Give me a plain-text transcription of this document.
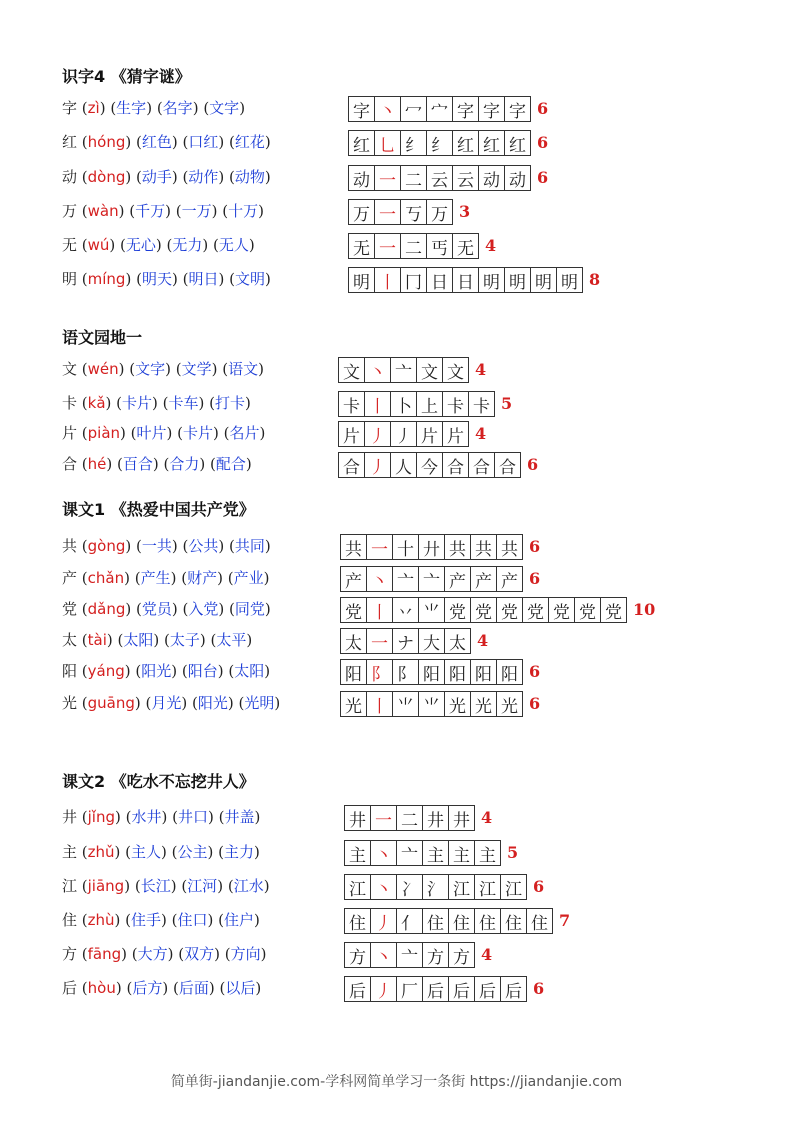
识字4 《猜字谜》
字 (zì) (生字) (名字) (文字)	字 丶 冖 宀 字 字 字 6
红 (hóng) (红色) (口红) (红花)	红 乚 纟 纟 红 红 红 6
动 (dòng) (动手) (动作) (动物)	动 一 二 云 云 动 动 6
万 (wàn) (千万) (一万) (十万)	万 一 丂 万 3
无 (wú) (无心) (无力) (无人)	无 一 二 丐 无 4
明 (míng) (明天) (明日) (文明)	明 丨 冂 日 日 明 明 明 明 8
语文园地一
文 (wén) (文字) (文学) (语文)	文 丶 亠 文 文 4
卡 (kǎ) (卡片) (卡车) (打卡)	卡 丨 卜 上 卡 卡 5
片 (piàn) (叶片) (卡片) (名片)	片 丿 丿 片 片 4
合 (hé) (百合) (合力) (配合)	合 丿 人 今 合 合 合 6
课文1 《热爱中国共产党》
共 (gòng) (一共) (公共) (共同)	共 一 十 廾 共 共 共 6
产 (chǎn) (产生) (财产) (产业)	产 丶 亠 亠 产 产 产 6
党 (dǎng) (党员) (入党) (同党)	党 丨 丷 ⺌ 党 党 党 党 党 党 党 10
太 (tài) (太阳) (太子) (太平)	太 一 ナ 大 太 4
阳 (yáng) (阳光) (阳台) (太阳)	阳 阝 阝 阳 阳 阳 阳 6
光 (guāng) (月光) (阳光) (光明)	光 丨 ⺌ ⺌ 光 光 光 6
课文2 《吃水不忘挖井人》
井 (jǐng) (水井) (井口) (井盖)	井 一 二 井 井 4
主 (zhǔ) (主人) (公主) (主力)	主 丶 亠 主 主 主 5
江 (jiāng) (长江) (江河) (江水)	江 丶 冫 氵 江 江 江 6
住 (zhù) (住手) (住口) (住户)	住 丿 亻 住 住 住 住 住 7
方 (fāng) (大方) (双方) (方向)	方 丶 亠 方 方 4
后 (hòu) (后方) (后面) (以后)	后 丿 厂 后 后 后 后 6
简单街-jiandanjie.com-学科网简单学习一条街 https://jiandanjie.com
